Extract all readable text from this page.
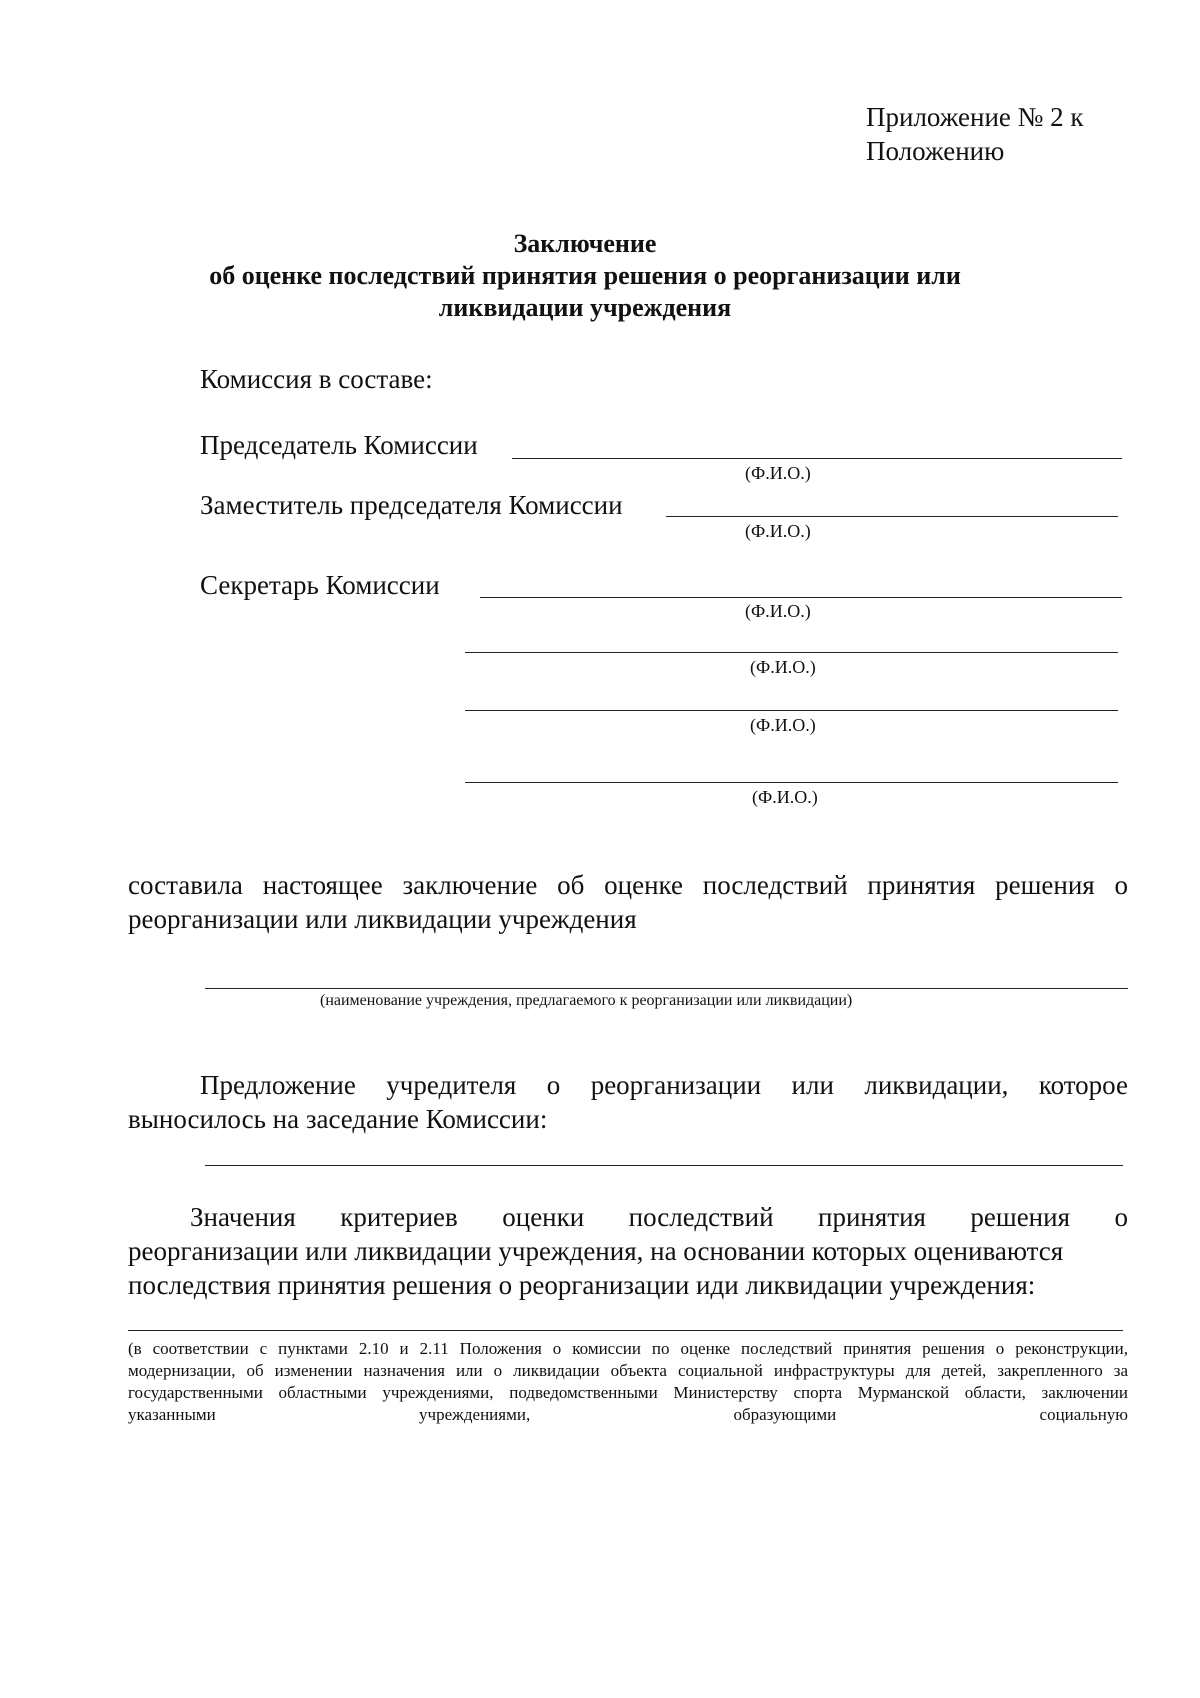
Приложение № 2 к
Положению
Заключение
об оценке последствий принятия решения о реорганизации или
ликвидации учреждения
Комиссия в составе:
Председатель Комиссии
(Ф.И.О.)
Заместитель председателя Комиссии
(Ф.И.О.)
Секретарь Комиссии
(Ф.И.О.)
(Ф.И.О.)
(Ф.И.О.)
(Ф.И.О.)
составила настоящее заключение об оценке последствий принятия решения о
реорганизации или ликвидации учреждения
(наименование учреждения, предлагаемого к реорганизации или ликвидации)
Предложение учредителя о реорганизации или ликвидации, которое
выносилось на заседание Комиссии:
Значения критериев оценки последствий принятия решения о
реорганизации или ликвидации учреждения, на основании которых оцениваются
последствия принятия решения о реорганизации иди ликвидации учреждения:
(в соответствии с пунктами 2.10 и 2.11 Положения о комиссии по оценке последствий принятия решения о реконструкции, модернизации, об изменении назначения или о ликвидации объекта социальной инфраструктуры для детей, закрепленного за государственными областными учреждениями, подведомственными Министерству спорта Мурманской области, заключении указанными учреждениями, образующими социальную
